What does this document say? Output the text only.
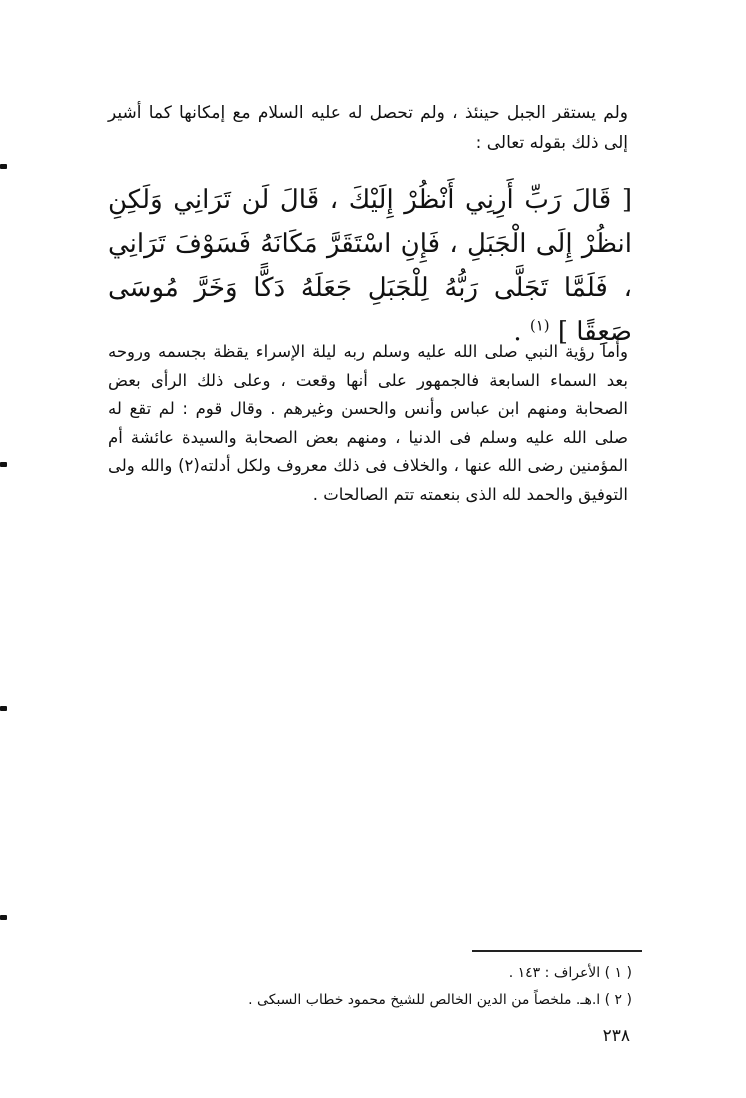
ولم يستقر الجبل حينئذ ، ولم تحصل له عليه السلام مع إمكانها كما أشير إلى ذلك بقوله تعالى :

[ قَالَ رَبِّ أَرِنِي أَنْظُرْ إِلَيْكَ ، قَالَ لَن تَرَانِي وَلَكِنِ انظُرْ إِلَى الْجَبَلِ ، فَإِنِ اسْتَقَرَّ مَكَانَهُ فَسَوْفَ تَرَانِي ، فَلَمَّا تَجَلَّى رَبُّهُ لِلْجَبَلِ جَعَلَهُ دَكًّا وَخَرَّ مُوسَى صَعِقًا ] $^{(١)}$ .

وأما رؤية النبي صلى الله عليه وسلم ربه ليلة الإسراء يقظة بجسمه وروحه بعد السماء السابعة فالجمهور على أنها وقعت ، وعلى ذلك الرأى بعض الصحابة ومنهم ابن عباس وأنس والحسن وغيرهم . وقال قوم : لم تقع له صلى الله عليه وسلم فى الدنيا ، ومنهم بعض الصحابة والسيدة عائشة أم المؤمنين رضى الله عنها ، والخلاف فى ذلك معروف ولكل أدلته(٢) والله ولى التوفيق والحمد لله الذى بنعمته تتم الصالحات .

( ١ ) الأعراف : ١٤٣ .
( ٢ ) ا.هـ. ملخصاً من الدين الخالص للشيخ محمود خطاب السبكى .
٢٣٨
